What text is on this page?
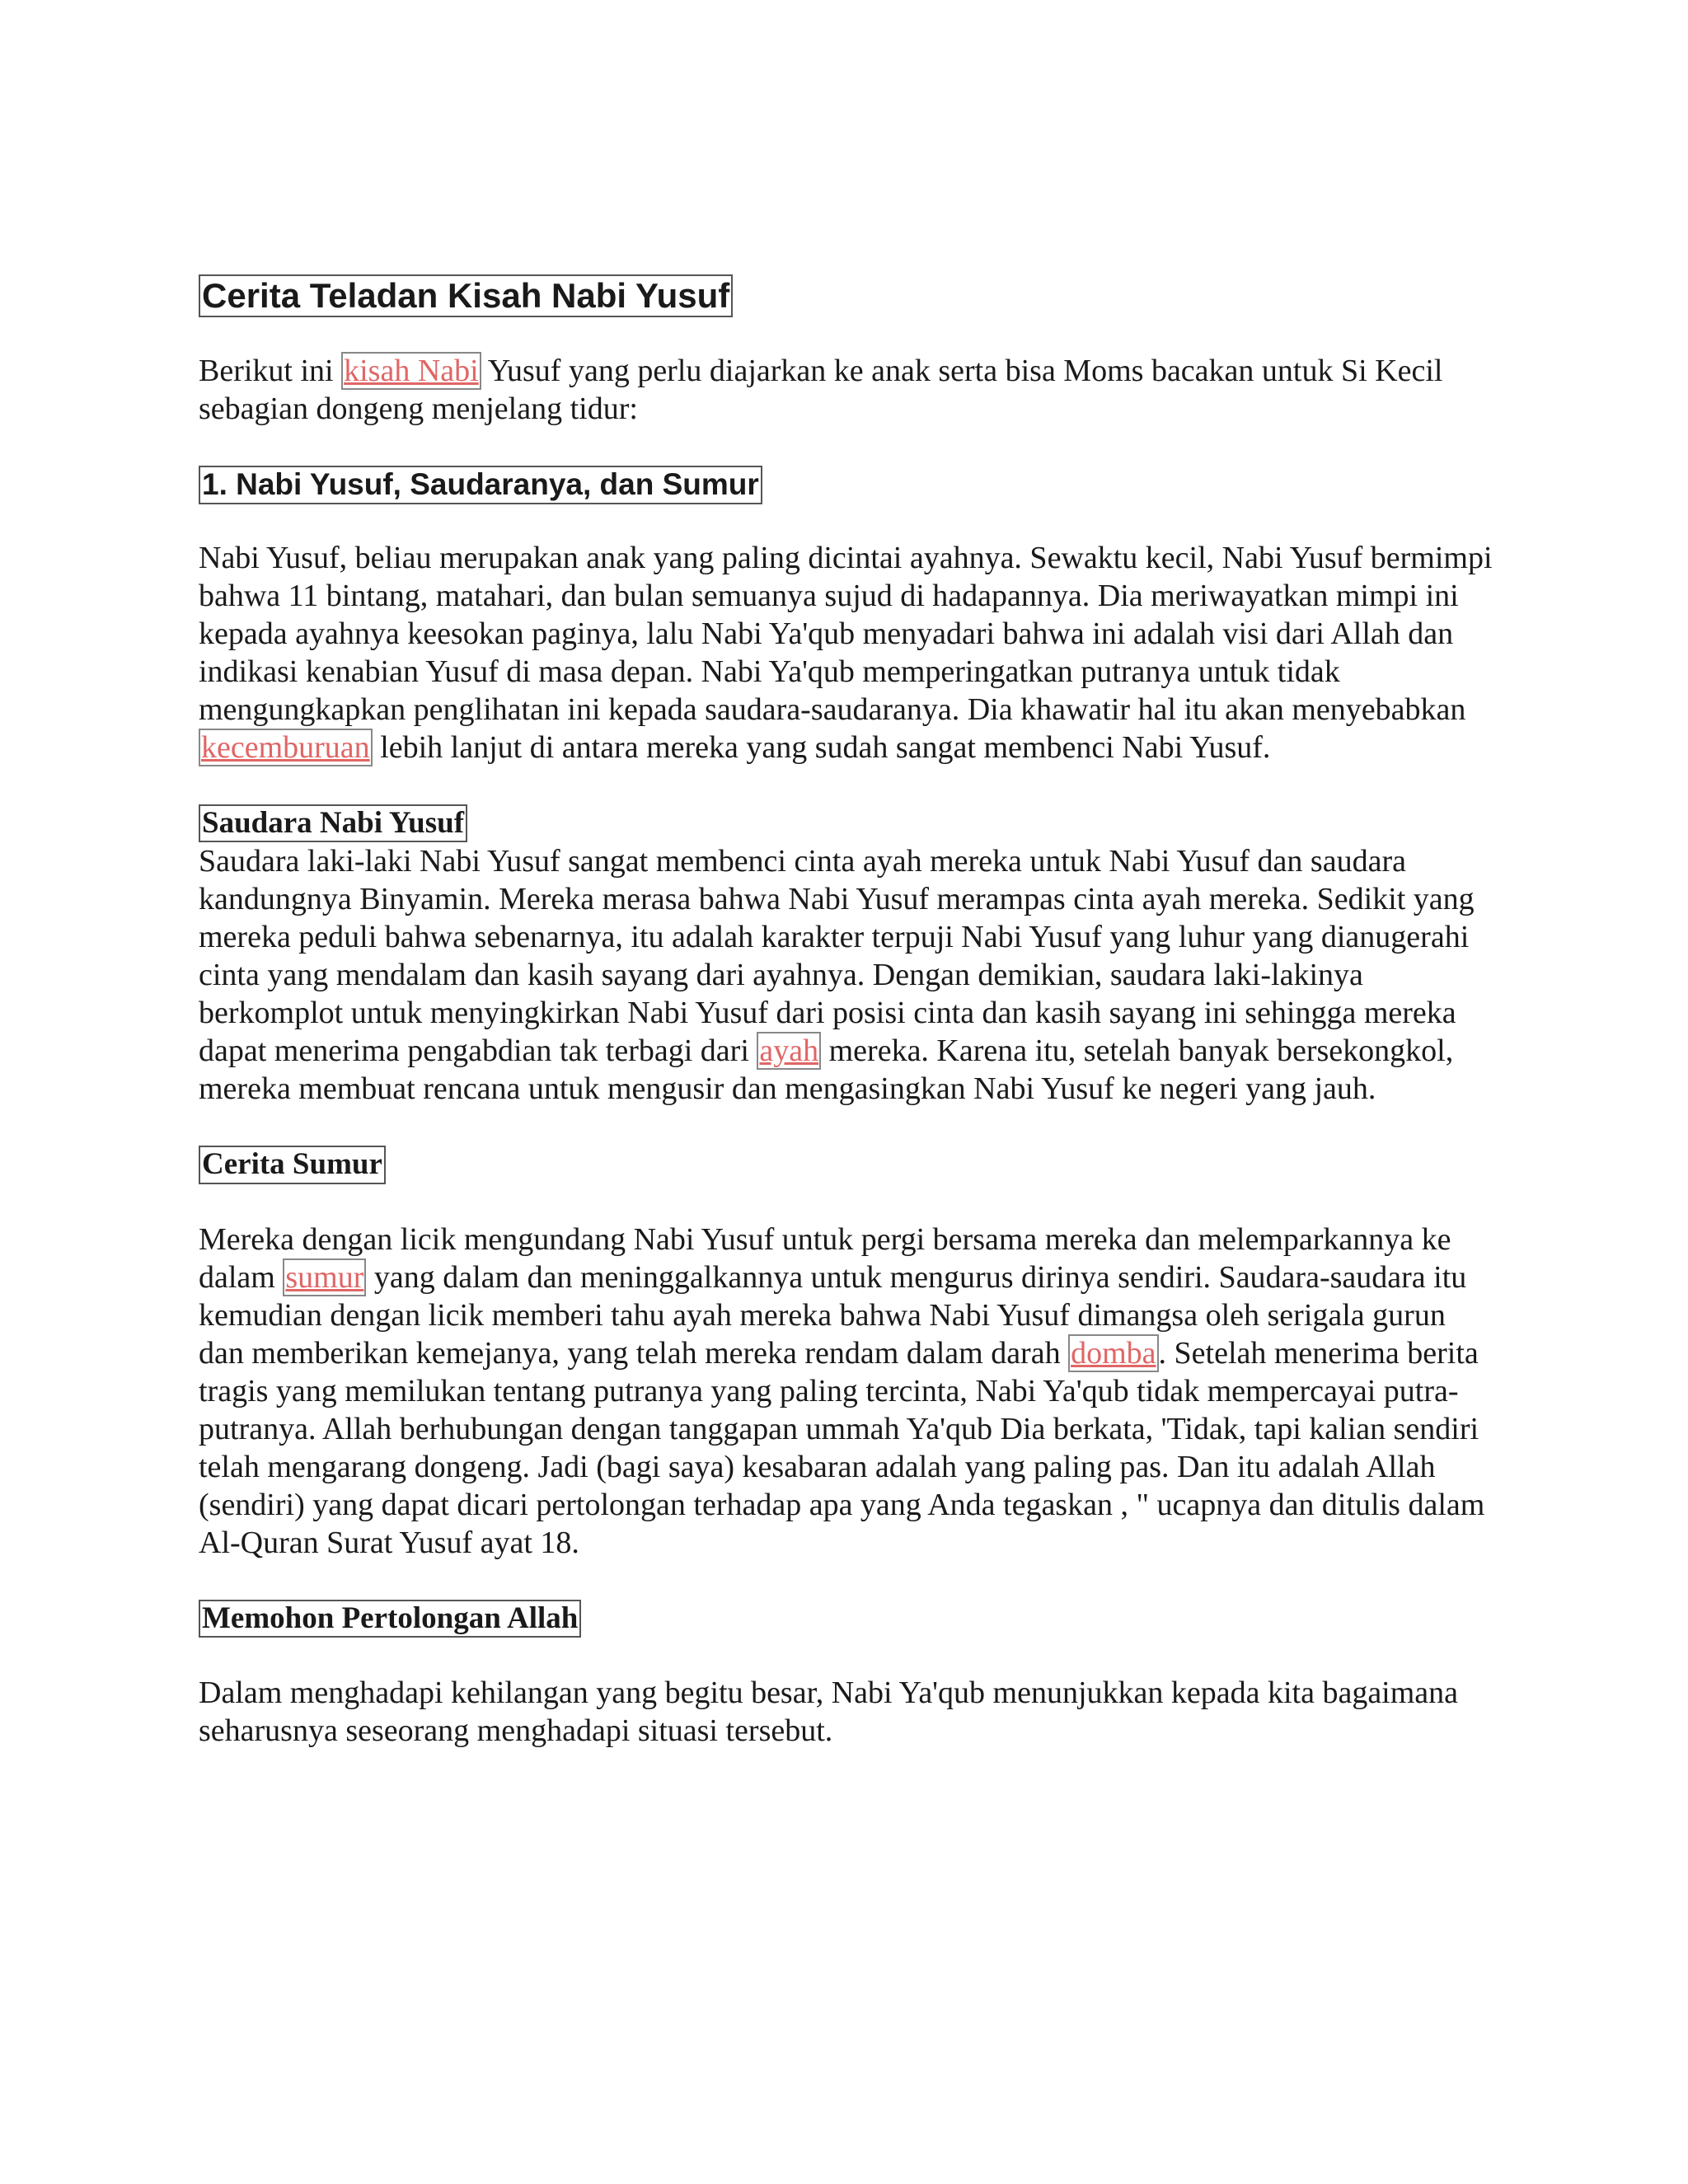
Cerita Teladan Kisah Nabi Yusuf

Berikut ini kisah Nabi Yusuf yang perlu diajarkan ke anak serta bisa Moms bacakan untuk Si Kecil sebagian dongeng menjelang tidur:

1. Nabi Yusuf, Saudaranya, dan Sumur

Nabi Yusuf, beliau merupakan anak yang paling dicintai ayahnya. Sewaktu kecil, Nabi Yusuf bermimpi bahwa 11 bintang, matahari, dan bulan semuanya sujud di hadapannya. Dia meriwayatkan mimpi ini kepada ayahnya keesokan paginya, lalu Nabi Ya'qub menyadari bahwa ini adalah visi dari Allah dan indikasi kenabian Yusuf di masa depan. Nabi Ya'qub memperingatkan putranya untuk tidak mengungkapkan penglihatan ini kepada saudara-saudaranya. Dia khawatir hal itu akan menyebabkan kecemburuan lebih lanjut di antara mereka yang sudah sangat membenci Nabi Yusuf.

Saudara Nabi Yusuf

Saudara laki-laki Nabi Yusuf sangat membenci cinta ayah mereka untuk Nabi Yusuf dan saudara kandungnya Binyamin. Mereka merasa bahwa Nabi Yusuf merampas cinta ayah mereka. Sedikit yang mereka peduli bahwa sebenarnya, itu adalah karakter terpuji Nabi Yusuf yang luhur yang dianugerahi cinta yang mendalam dan kasih sayang dari ayahnya. Dengan demikian, saudara laki-lakinya berkomplot untuk menyingkirkan Nabi Yusuf dari posisi cinta dan kasih sayang ini sehingga mereka dapat menerima pengabdian tak terbagi dari ayah mereka. Karena itu, setelah banyak bersekongkol, mereka membuat rencana untuk mengusir dan mengasingkan Nabi Yusuf ke negeri yang jauh.

Cerita Sumur

Mereka dengan licik mengundang Nabi Yusuf untuk pergi bersama mereka dan melemparkannya ke dalam sumur yang dalam dan meninggalkannya untuk mengurus dirinya sendiri. Saudara-saudara itu kemudian dengan licik memberi tahu ayah mereka bahwa Nabi Yusuf dimangsa oleh serigala gurun dan memberikan kemejanya, yang telah mereka rendam dalam darah domba. Setelah menerima berita tragis yang memilukan tentang putranya yang paling tercinta, Nabi Ya'qub tidak mempercayai putra-putranya. Allah berhubungan dengan tanggapan ummah Ya'qub Dia berkata, 'Tidak, tapi kalian sendiri telah mengarang dongeng. Jadi (bagi saya) kesabaran adalah yang paling pas. Dan itu adalah Allah (sendiri) yang dapat dicari pertolongan terhadap apa yang Anda tegaskan , " ucapnya dan ditulis dalam Al-Quran Surat Yusuf ayat 18.

Memohon Pertolongan Allah

Dalam menghadapi kehilangan yang begitu besar, Nabi Ya'qub menunjukkan kepada kita bagaimana seharusnya seseorang menghadapi situasi tersebut.
